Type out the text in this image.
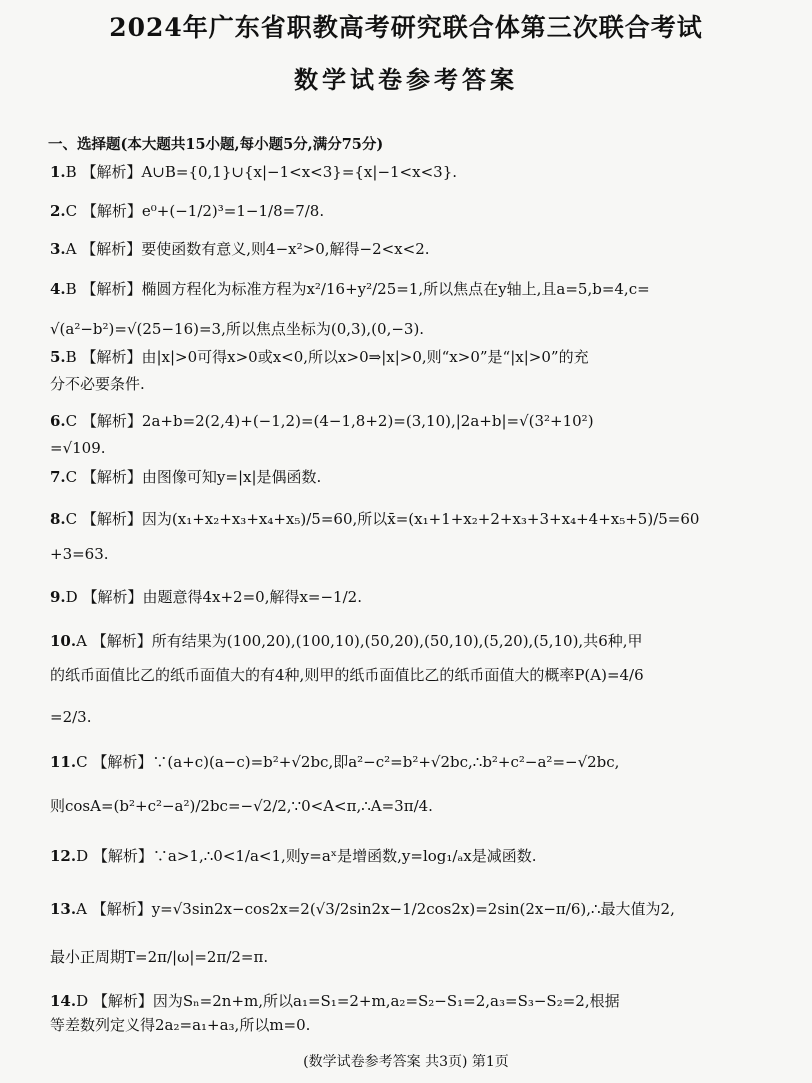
2024年广东省职教高考研究联合体第三次联合考试
数学试卷参考答案
一、选择题(本大题共15小题,每小题5分,满分75分)
1.B 【解析】A∪B={0,1}∪{x|−1<x<3}={x|−1<x<3}.
2.C 【解析】e⁰+(−1/2)³=1−1/8=7/8.
3.A 【解析】要使函数有意义,则4−x²>0,解得−2<x<2.
4.B 【解析】椭圆方程化为标准方程为x²/16+y²/25=1,所以焦点在y轴上,且a=5,b=4,c=
√(a²−b²)=√(25−16)=3,所以焦点坐标为(0,3),(0,−3).
5.B 【解析】由|x|>0可得x>0或x<0,所以x>0⇒|x|>0,则“x>0”是“|x|>0”的充
分不必要条件.
6.C 【解析】2a+b=2(2,4)+(−1,2)=(4−1,8+2)=(3,10),|2a+b|=√(3²+10²)
=√109.
7.C 【解析】由图像可知y=|x|是偶函数.
8.C 【解析】因为(x₁+x₂+x₃+x₄+x₅)/5=60,所以x̄=(x₁+1+x₂+2+x₃+3+x₄+4+x₅+5)/5=60
+3=63.
9.D 【解析】由题意得4x+2=0,解得x=−1/2.
10.A 【解析】所有结果为(100,20),(100,10),(50,20),(50,10),(5,20),(5,10),共6种,甲
的纸币面值比乙的纸币面值大的有4种,则甲的纸币面值比乙的纸币面值大的概率P(A)=4/6
=2/3.
11.C 【解析】∵(a+c)(a−c)=b²+√2bc,即a²−c²=b²+√2bc,∴b²+c²−a²=−√2bc,
则cosA=(b²+c²−a²)/2bc=−√2/2,∵0<A<π,∴A=3π/4.
12.D 【解析】∵a>1,∴0<1/a<1,则y=aˣ是增函数,y=log₁/ₐx是减函数.
13.A 【解析】y=√3sin2x−cos2x=2(√3/2sin2x−1/2cos2x)=2sin(2x−π/6),∴最大值为2,
最小正周期T=2π/|ω|=2π/2=π.
14.D 【解析】因为Sₙ=2n+m,所以a₁=S₁=2+m,a₂=S₂−S₁=2,a₃=S₃−S₂=2,根据
等差数列定义得2a₂=a₁+a₃,所以m=0.
(数学试卷参考答案 共3页) 第1页
